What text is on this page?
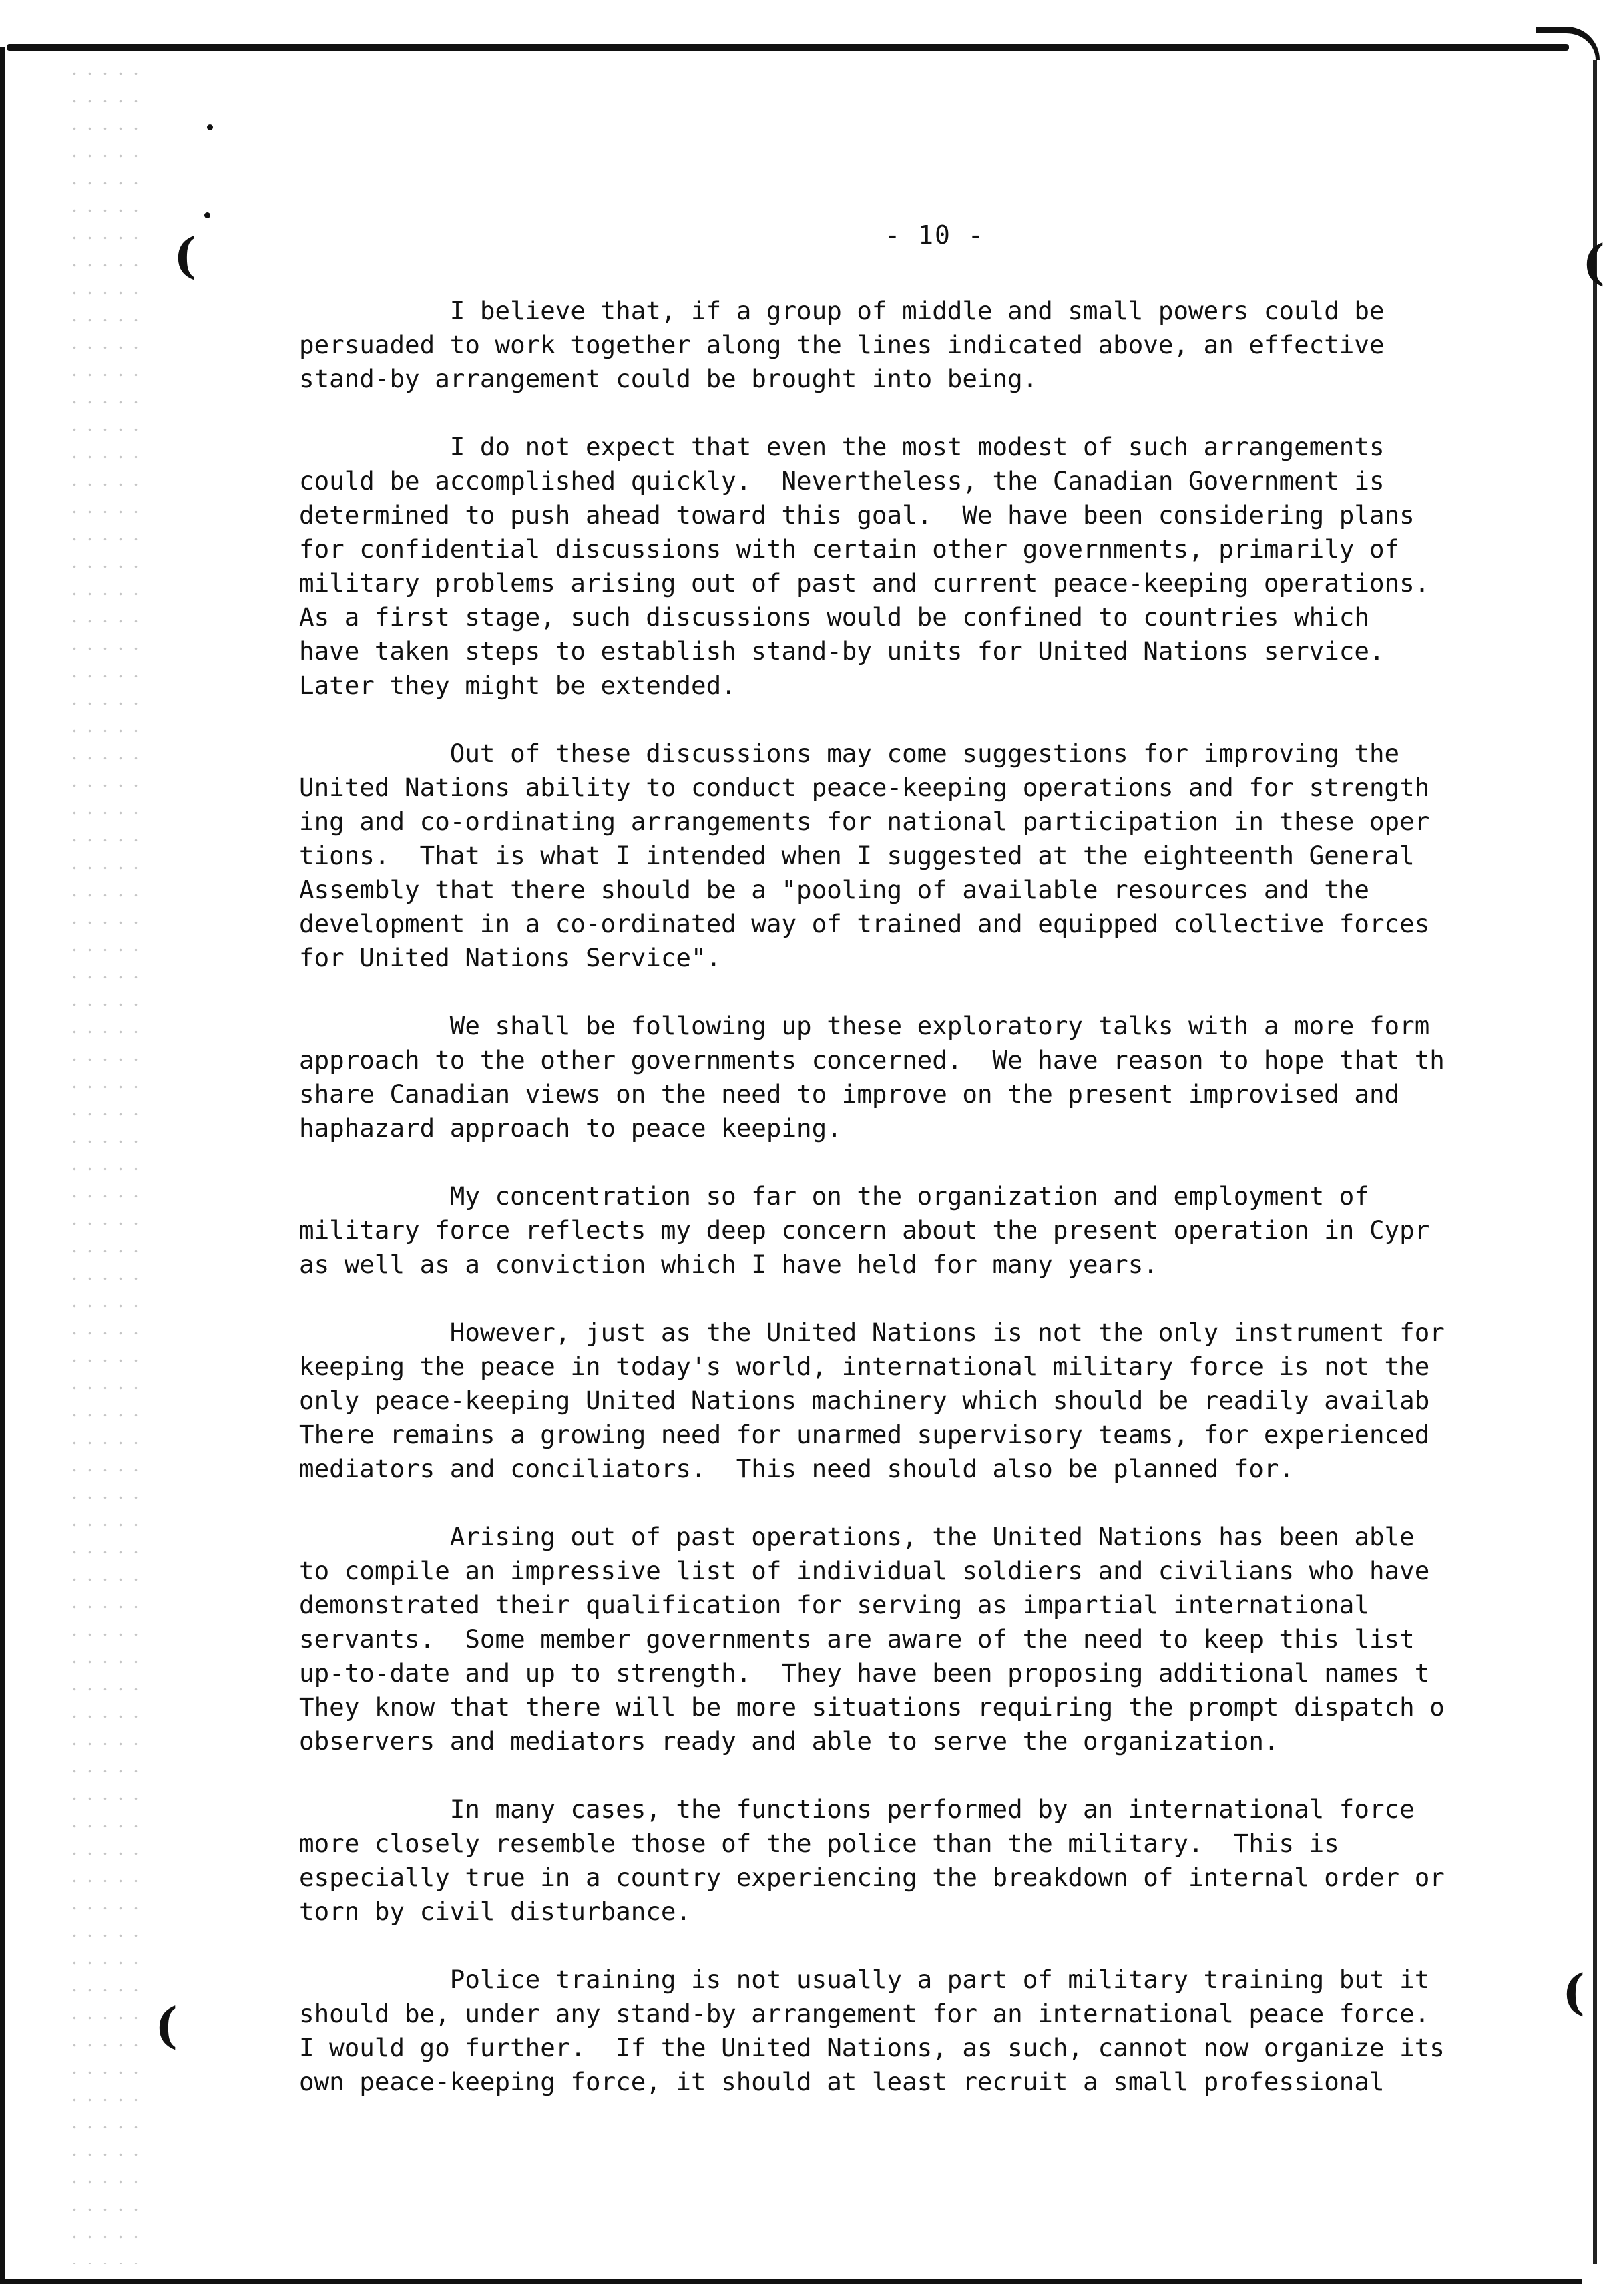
(	(
(
(
- 10 -

I believe that, if a group of middle and small powers could be
persuaded to work together along the lines indicated above, an effective
stand-by arrangement could be brought into being.

I do not expect that even the most modest of such arrangements
could be accomplished quickly.  Nevertheless, the Canadian Government is
determined to push ahead toward this goal.  We have been considering plans
for confidential discussions with certain other governments, primarily of
military problems arising out of past and current peace-keeping operations.
As a first stage, such discussions would be confined to countries which
have taken steps to establish stand-by units for United Nations service.
Later they might be extended.

Out of these discussions may come suggestions for improving the
United Nations ability to conduct peace-keeping operations and for strength
ing and co-ordinating arrangements for national participation in these oper
tions.  That is what I intended when I suggested at the eighteenth General
Assembly that there should be a "pooling of available resources and the
development in a co-ordinated way of trained and equipped collective forces
for United Nations Service".

We shall be following up these exploratory talks with a more form
approach to the other governments concerned.  We have reason to hope that th
share Canadian views on the need to improve on the present improvised and
haphazard approach to peace keeping.

My concentration so far on the organization and employment of
military force reflects my deep concern about the present operation in Cypr
as well as a conviction which I have held for many years.

However, just as the United Nations is not the only instrument for
keeping the peace in today's world, international military force is not the
only peace-keeping United Nations machinery which should be readily availab
There remains a growing need for unarmed supervisory teams, for experienced
mediators and conciliators.  This need should also be planned for.

Arising out of past operations, the United Nations has been able
to compile an impressive list of individual soldiers and civilians who have
demonstrated their qualification for serving as impartial international
servants.  Some member governments are aware of the need to keep this list
up-to-date and up to strength.  They have been proposing additional names t
They know that there will be more situations requiring the prompt dispatch o
observers and mediators ready and able to serve the organization.

In many cases, the functions performed by an international force
more closely resemble those of the police than the military.  This is
especially true in a country experiencing the breakdown of internal order or
torn by civil disturbance.

Police training is not usually a part of military training but it
should be, under any stand-by arrangement for an international peace force.
I would go further.  If the United Nations, as such, cannot now organize its
own peace-keeping force, it should at least recruit a small professional
